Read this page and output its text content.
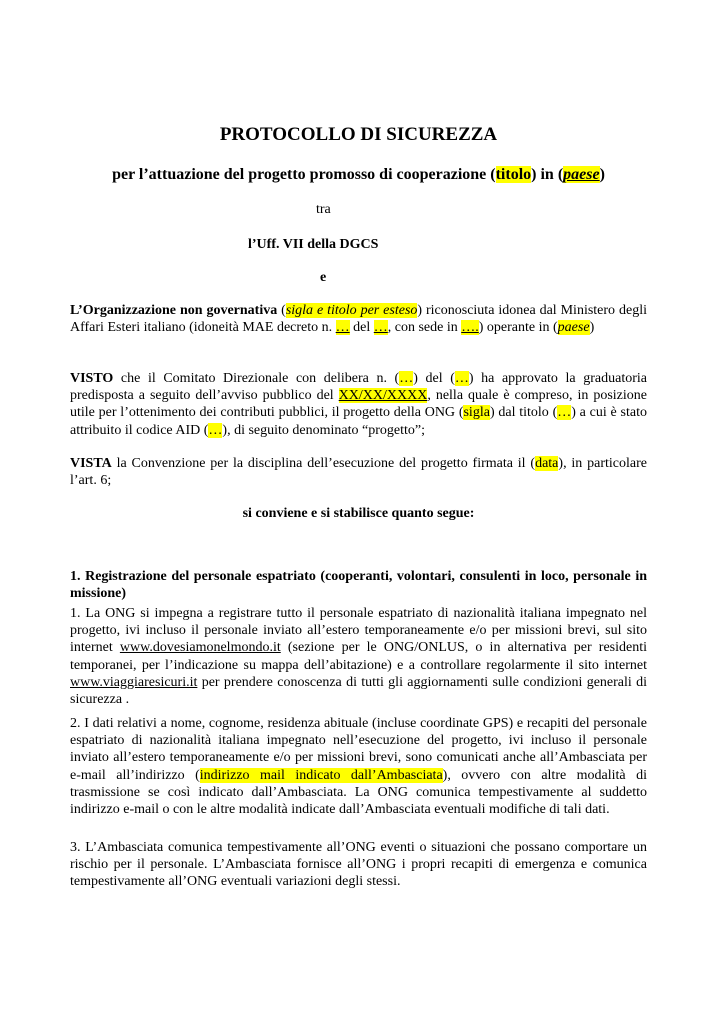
PROTOCOLLO DI SICUREZZA
per l’attuazione del progetto promosso di cooperazione (titolo) in (paese)
tra
l’Uff. VII della DGCS
e
L’Organizzazione non governativa (sigla e titolo per esteso) riconosciuta idonea dal Ministero degli Affari Esteri italiano (idoneità MAE decreto n. … del …, con sede in ….) operante in (paese)
VISTO che il Comitato Direzionale con delibera n. (…) del (…) ha approvato la graduatoria predisposta a seguito dell’avviso pubblico del XX/XX/XXXX, nella quale è compreso, in posizione utile per l’ottenimento dei contributi pubblici, il progetto della ONG (sigla) dal titolo (…) a cui è stato attribuito il codice AID (…), di seguito denominato “progetto”;
VISTA la Convenzione per la disciplina dell’esecuzione del progetto firmata il (data), in particolare l’art. 6;
si conviene e si stabilisce quanto segue:
1. Registrazione del personale espatriato (cooperanti, volontari, consulenti in loco, personale in missione)
1. La ONG si impegna a registrare tutto il personale espatriato di nazionalità italiana impegnato nel progetto, ivi incluso il personale inviato all’estero temporaneamente e/o per missioni brevi, sul sito internet www.dovesiamonelmondo.it (sezione per le ONG/ONLUS, o in alternativa per residenti temporanei, per l’indicazione su mappa dell’abitazione) e a controllare regolarmente il sito internet www.viaggiaresicuri.it per prendere conoscenza di tutti gli aggiornamenti sulle condizioni generali di sicurezza .
2. I dati relativi a nome, cognome, residenza abituale (incluse coordinate GPS) e recapiti del personale espatriato di nazionalità italiana impegnato nell’esecuzione del progetto, ivi incluso il personale inviato all’estero temporaneamente e/o per missioni brevi, sono comunicati anche all’Ambasciata per e-mail all’indirizzo (indirizzo mail indicato dall’Ambasciata), ovvero con altre modalità di trasmissione se così indicato dall’Ambasciata. La ONG comunica tempestivamente al suddetto indirizzo e-mail o con le altre modalità indicate dall’Ambasciata eventuali modifiche di tali dati.
3. L’Ambasciata comunica tempestivamente all’ONG eventi o situazioni che possano comportare un rischio per il personale. L’Ambasciata fornisce all’ONG i propri recapiti di emergenza e comunica tempestivamente all’ONG eventuali variazioni degli stessi.
